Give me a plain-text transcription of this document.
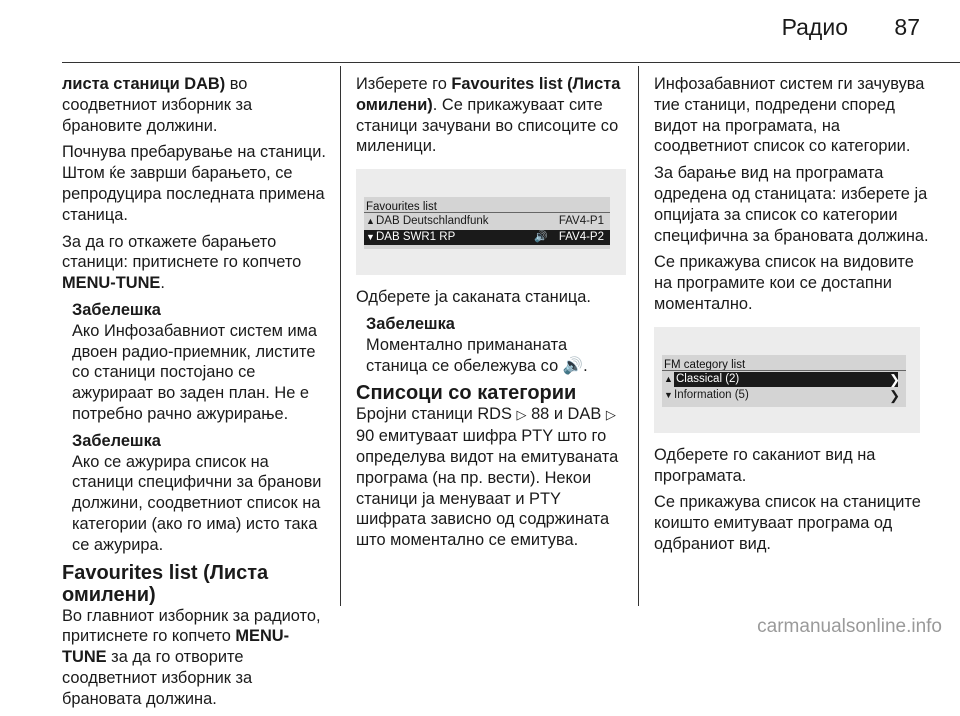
Радио 87

листа станици DAB) во соодветниот изборник за брановите должини.

Почнува пребарување на станици. Штом ќе заврши барањето, се репродуцира последната примена станица.

За да го откажете барањето станици: притиснете го копчето MENU-TUNE.

Забелешка
Ако Инфозабавниот систем има двоен радио-приемник, листите со станици постојано се ажурираат во заден план. Не е потребно рачно ажурирање.
Забелешка
Ако се ажурира список на станици специфични за бранови должини, соодветниот список на категории (ако го има) исто така се ажурира.
Favourites list (Листа омилени)

Во главниот изборник за радиото, притиснете го копчето MENU-TUNE за да го отворите соодветниот изборник за брановата должина.

Изберете го Favourites list (Листа омилени). Се прикажуваат сите станици зачувани во списоците со миленици.

Favourites list
▲ DAB Deutschlandfunk	FAV4-P1
▼ DAB SWR1 RP	🔊 FAV4-P2

Одберете ја саканата станица.

Забелешка
Моментално примананата станица се обележува со 🔊.
Списоци со категории

Бројни станици RDS ▷ 88 и DAB ▷ 90 емитуваат шифра PTY што го определува видот на емитуваната програма (на пр. вести). Некои станици ја менуваат и PTY шифрата зависно од содржината што моментално се емитува.

Инфозабавниот систем ги зачувува тие станици, подредени според видот на програмата, на соодветниот список со категории.

За барање вид на програмата одредена од станицата: изберете ја опцијата за список со категории специфична за брановата должина.

Се прикажува список на видовите на програмите кои се достапни моментално.

FM category list
▲ Classical (2)	❯
▼ Information (5)	❯

Одберете го саканиот вид на програмата.

Се прикажува список на станиците коишто емитуваат програма од одбраниот вид.

carmanualsonline.info
